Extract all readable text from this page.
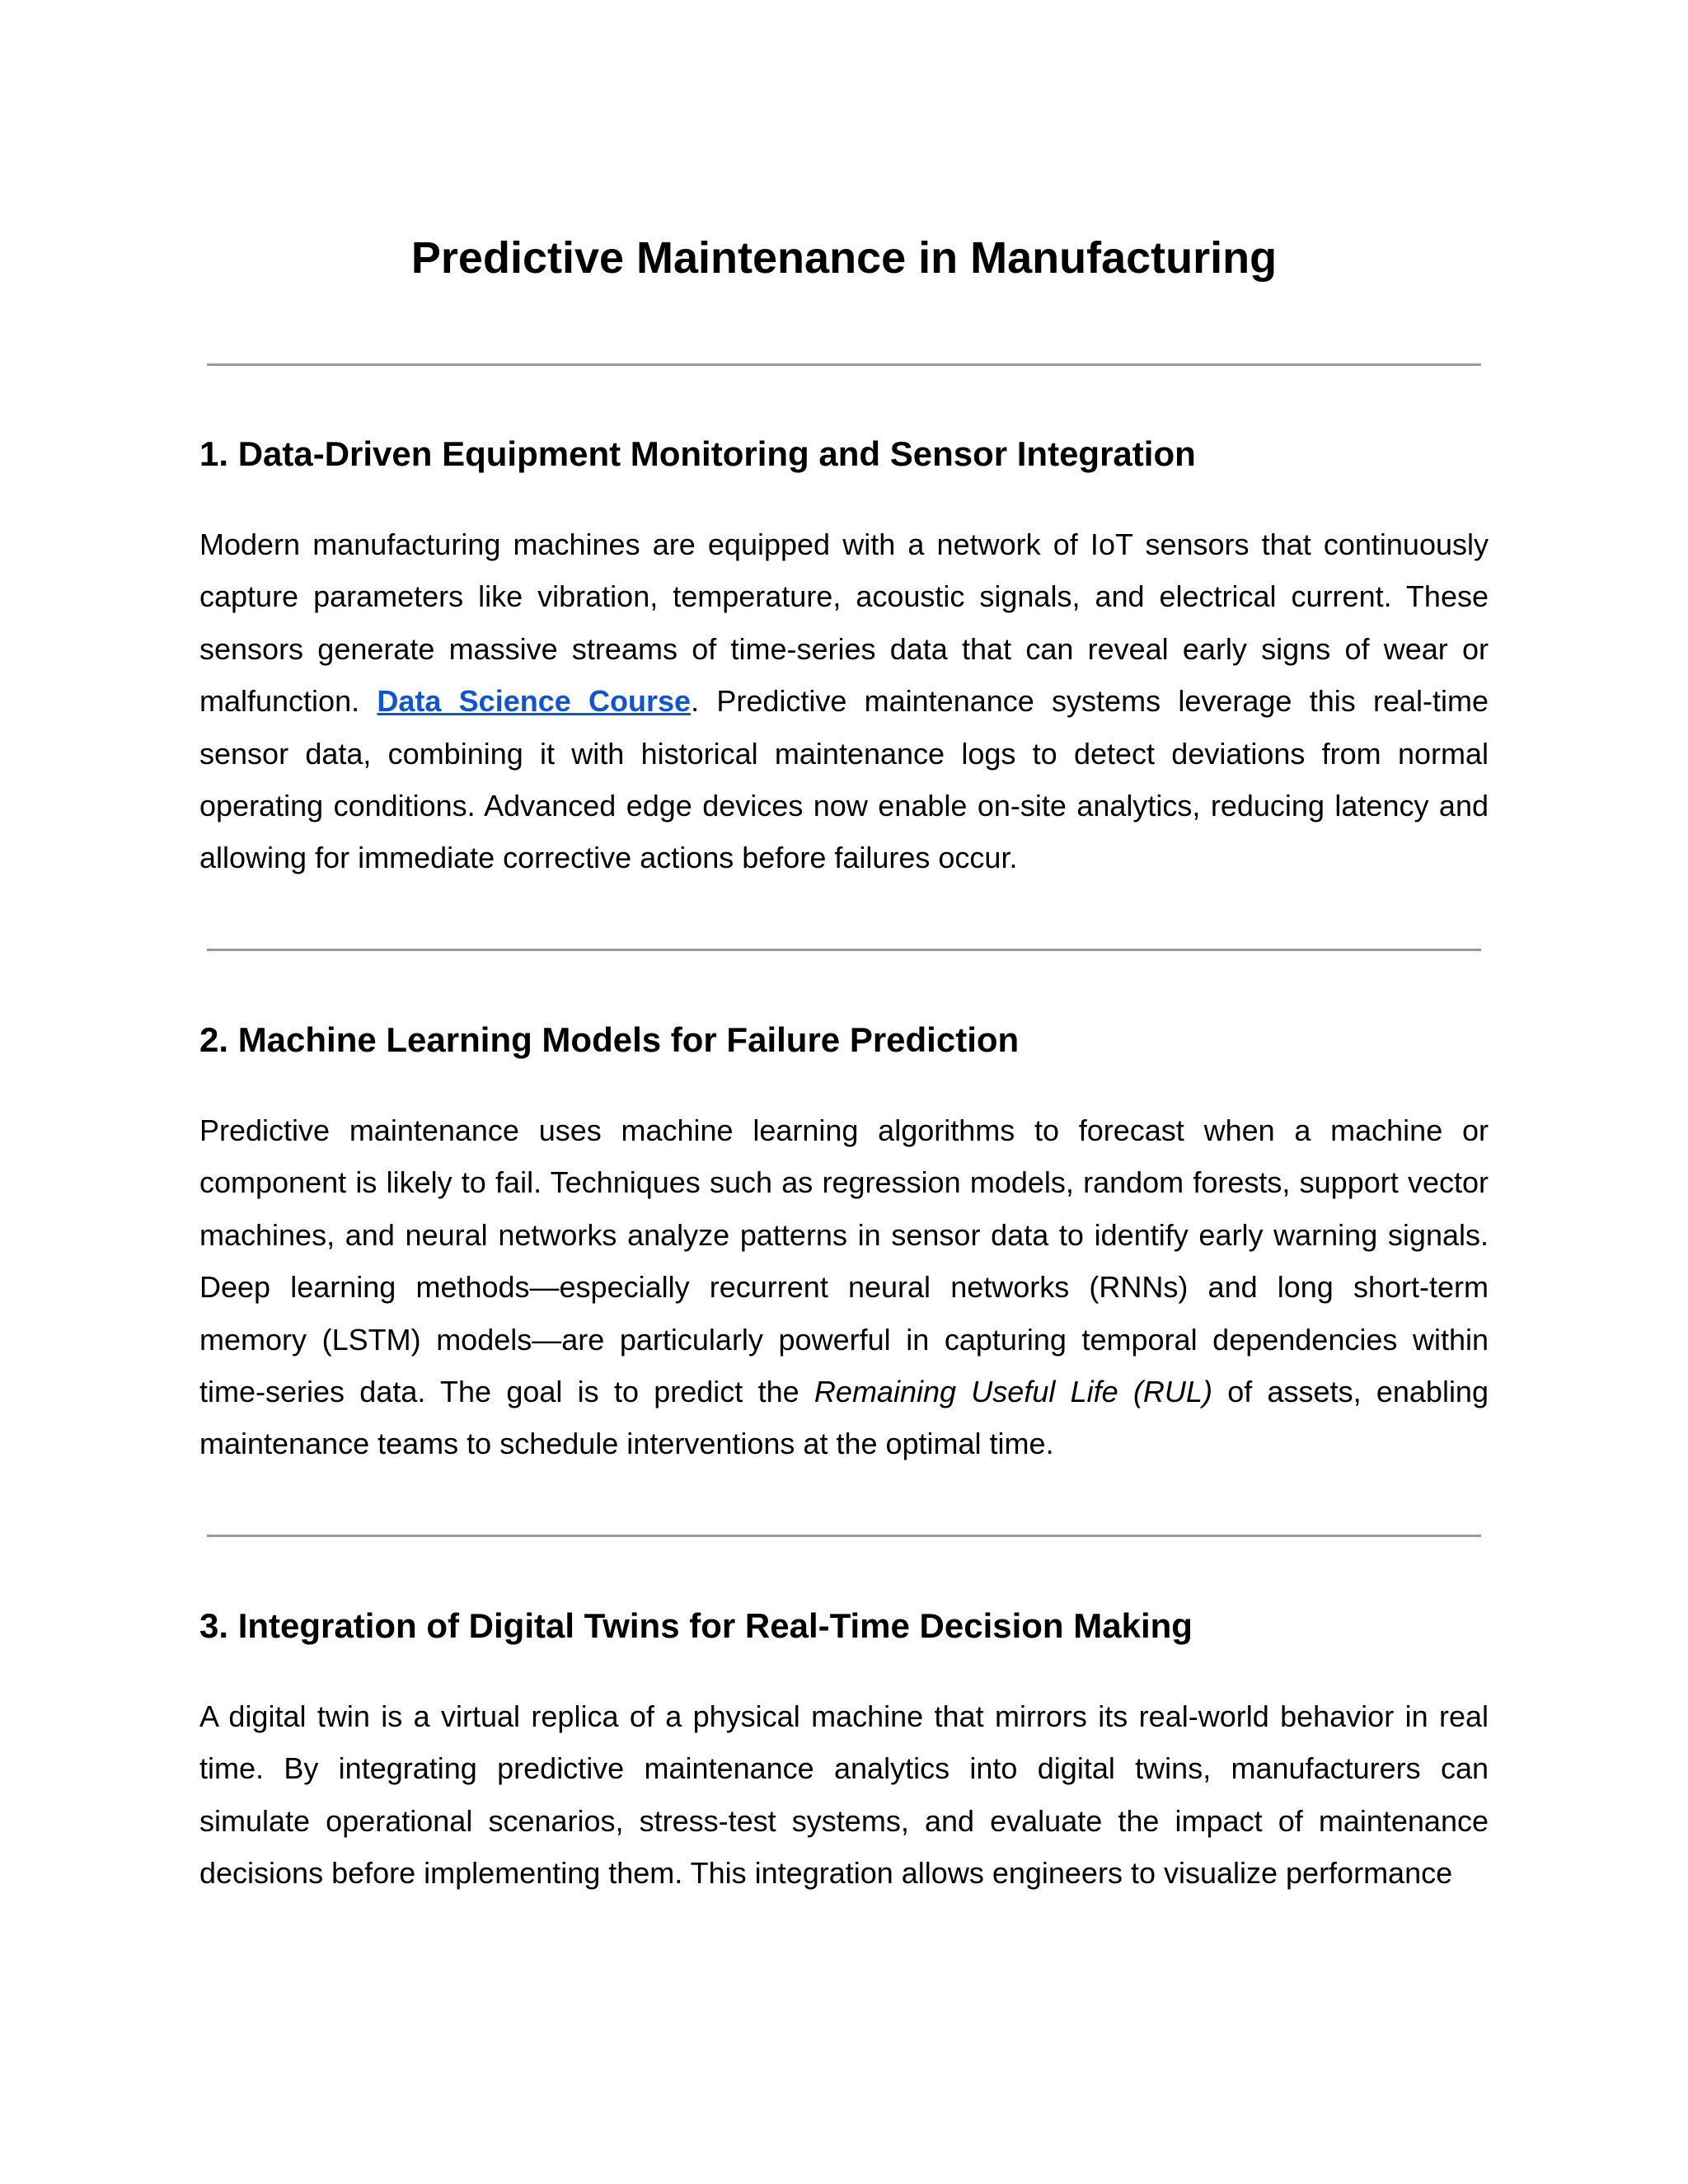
Predictive Maintenance in Manufacturing
1. Data-Driven Equipment Monitoring and Sensor Integration

Modern manufacturing machines are equipped with a network of IoT sensors that continuously capture parameters like vibration, temperature, acoustic signals, and electrical current. These sensors generate massive streams of time-series data that can reveal early signs of wear or malfunction. Data Science Course. Predictive maintenance systems leverage this real-time sensor data, combining it with historical maintenance logs to detect deviations from normal operating conditions. Advanced edge devices now enable on-site analytics, reducing latency and allowing for immediate corrective actions before failures occur.

2. Machine Learning Models for Failure Prediction

Predictive maintenance uses machine learning algorithms to forecast when a machine or component is likely to fail. Techniques such as regression models, random forests, support vector machines, and neural networks analyze patterns in sensor data to identify early warning signals. Deep learning methods—especially recurrent neural networks (RNNs) and long short-term memory (LSTM) models—are particularly powerful in capturing temporal dependencies within time-series data. The goal is to predict the Remaining Useful Life (RUL) of assets, enabling maintenance teams to schedule interventions at the optimal time.

3. Integration of Digital Twins for Real-Time Decision Making

A digital twin is a virtual replica of a physical machine that mirrors its real-world behavior in real time. By integrating predictive maintenance analytics into digital twins, manufacturers can simulate operational scenarios, stress-test systems, and evaluate the impact of maintenance decisions before implementing them. This integration allows engineers to visualize performance
